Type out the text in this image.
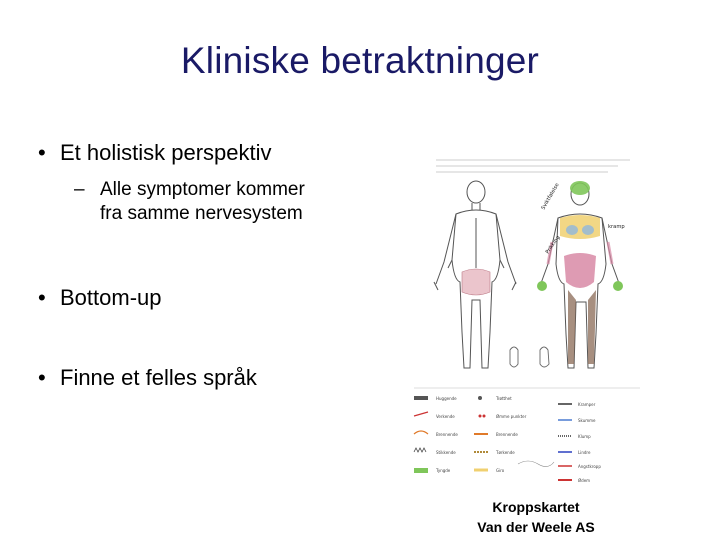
Kliniske betraktninger
• Et holistisk perspektiv
– Alle symptomer kommer
fra samme nervesystem
• Bottom-up
• Finne et felles språk
Sviktfølelse
kramp
Prikking
Huggende
Verkende
Brennende
Stikkende
Tyngde
Trøtthet
Ømme punkter
Brennende
Tørkende
Giro
Kramper
Skumme
Klump
Lindre
Angstkropp
Ødem
Kroppskartet
Van der Weele AS
